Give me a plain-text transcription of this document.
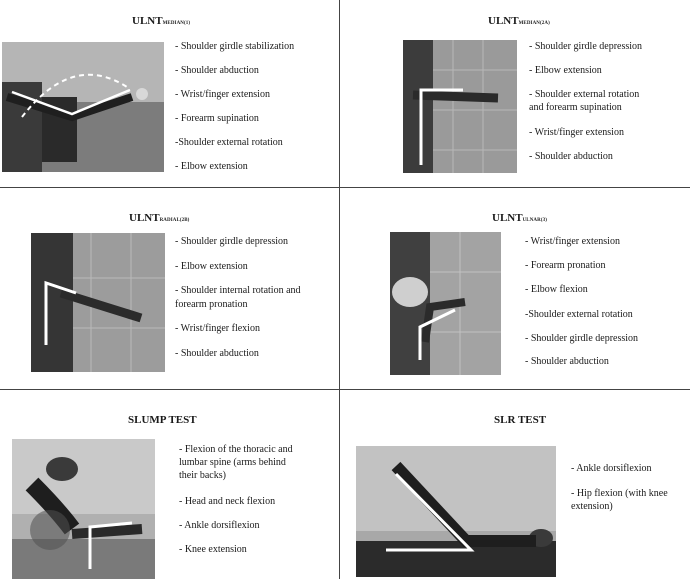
ULNTMEDIAN(1)
- Shoulder girdle stabilization
- Shoulder abduction
- Wrist/finger extension
- Forearm supination
-Shoulder external rotation
- Elbow extension
ULNTMEDIAN(2A)
- Shoulder girdle depression
- Elbow extension
- Shoulder external rotation
and forearm supination
- Wrist/finger extension
- Shoulder abduction
ULNTRADIAL(2B)
- Shoulder girdle depression
- Elbow extension
- Shoulder internal rotation and
forearm pronation
- Wrist/finger flexion
- Shoulder abduction
ULNTULNAR(3)
- Wrist/finger extension
- Forearm pronation
- Elbow flexion
-Shoulder external rotation
- Shoulder girdle depression
- Shoulder abduction
SLUMP TEST
- Flexion of the thoracic and
lumbar spine (arms behind
their backs)
- Head and neck flexion
- Ankle dorsiflexion
- Knee extension
SLR TEST
- Ankle dorsiflexion
- Hip flexion (with knee
extension)
